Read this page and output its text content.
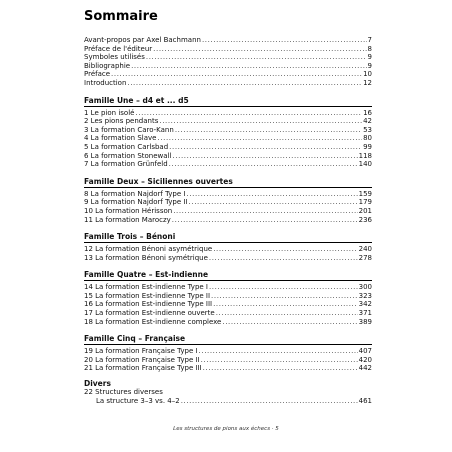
Sommaire
Avant-propos par Axel Bachmann .....	7
Préface de l'éditeur .....	8
Symboles utilisés .....	9
Bibliographie .....	9
Préface .....	10
Introduction .....	12
Famille Une – d4 et ... d5
1 Le pion isolé .....	16
2 Les pions pendants .....	42
3 La formation Caro-Kann .....	53
4 La formation Slave .....	80
5 La formation Carlsbad .....	99
6 La formation Stonewall .....	118
7 La formation Grünfeld .....	140
Famille Deux – Siciliennes ouvertes
8 La formation Najdorf Type I .....	159
9 La formation Najdorf Type II .....	179
10 La formation Hérisson .....	201
11 La formation Maroczy .....	236
Famille Trois – Bénoni
12 La formation Bénoni asymétrique .....	240
13 La formation Bénoni symétrique .....	278
Famille Quatre – Est-indienne
14 La formation Est-indienne Type I .....	300
15 La formation Est-indienne Type II .....	323
16 La formation Est-indienne Type III .....	342
17 La formation Est-indienne ouverte .....	371
18 La formation Est-indienne complexe .....	389
Famille Cinq – Française
19 La formation Française Type I .....	407
20 La formation Française Type II .....	420
21 La formation Française Type III .....	442
Divers
22 Structures diverses
La structure 3–3 vs. 4–2 .....	461
Les structures de pions aux échecs · 5
